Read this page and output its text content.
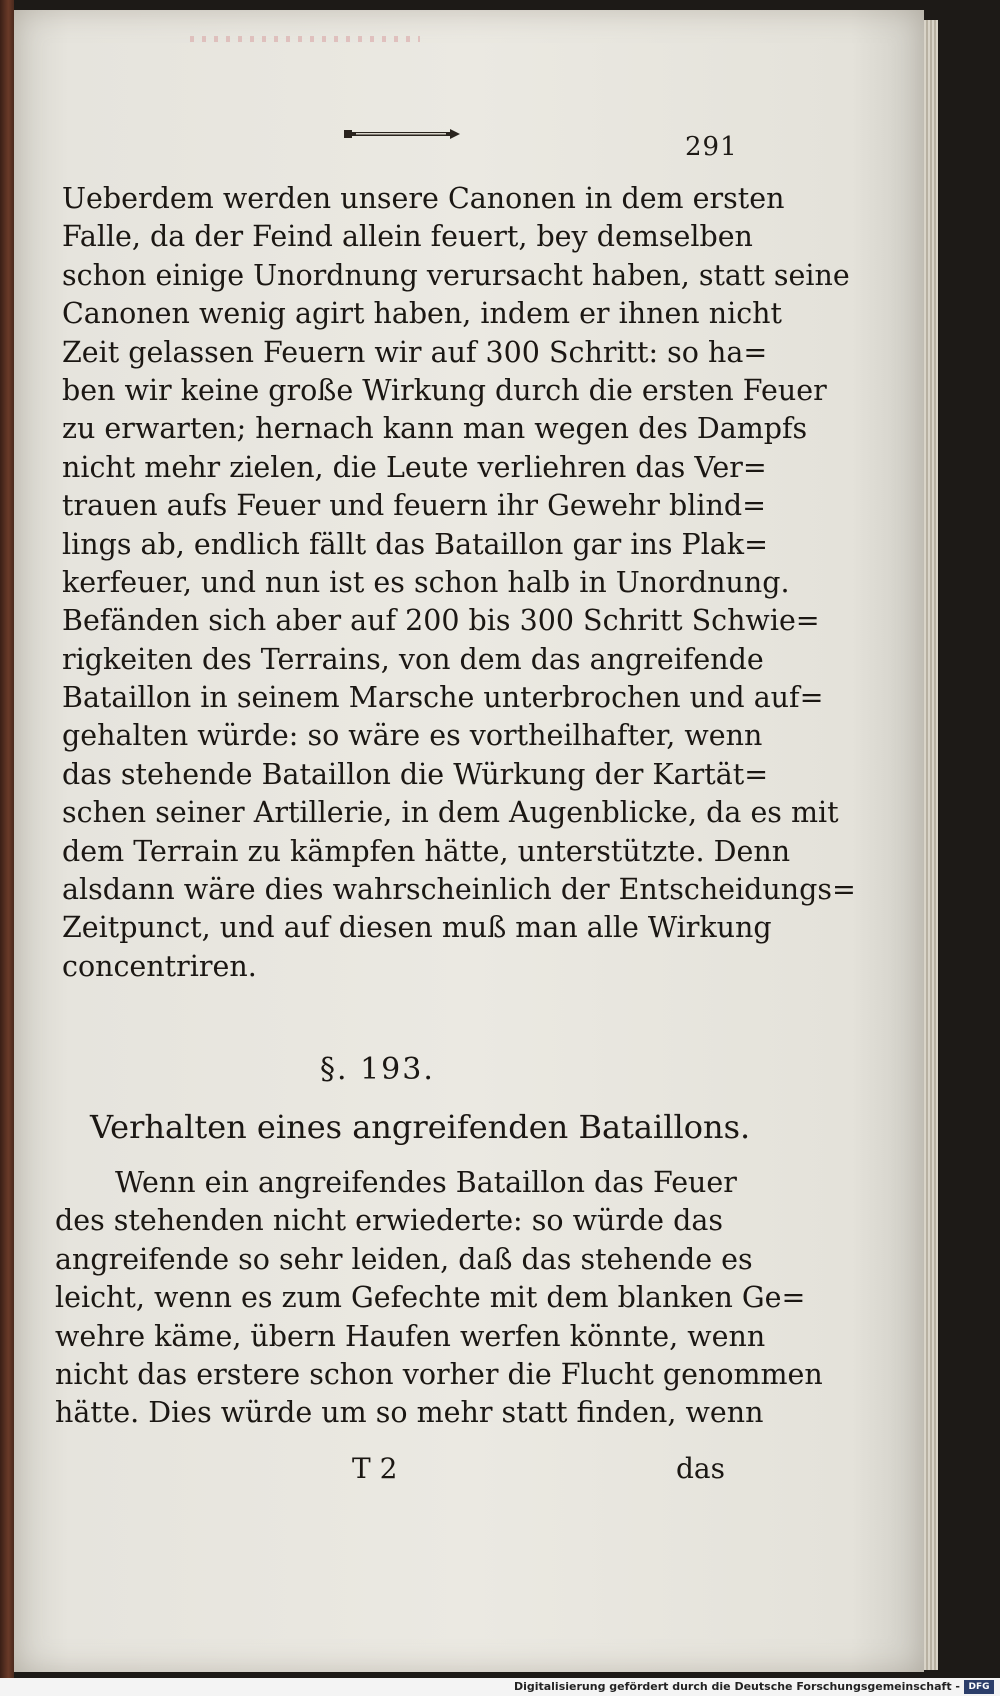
291
Ueberdem werden unsere Canonen in dem ersten
Falle, da der Feind allein feuert, bey demselben
schon einige Unordnung verursacht haben, statt seine
Canonen wenig agirt haben, indem er ihnen nicht
Zeit gelassen Feuern wir auf 300 Schritt: so ha=
ben wir keine große Wirkung durch die ersten Feuer
zu erwarten; hernach kann man wegen des Dampfs
nicht mehr zielen, die Leute verliehren das Ver=
trauen aufs Feuer und feuern ihr Gewehr blind=
lings ab, endlich fällt das Bataillon gar ins Plak=
kerfeuer, und nun ist es schon halb in Unordnung.
Befänden sich aber auf 200 bis 300 Schritt Schwie=
rigkeiten des Terrains, von dem das angreifende
Bataillon in seinem Marsche unterbrochen und auf=
gehalten würde: so wäre es vortheilhafter, wenn
das stehende Bataillon die Würkung der Kartät=
schen seiner Artillerie, in dem Augenblicke, da es mit
dem Terrain zu kämpfen hätte, unterstützte. Denn
alsdann wäre dies wahrscheinlich der Entscheidungs=
Zeitpunct, und auf diesen muß man alle Wirkung
concentriren.
§. 193.
Verhalten eines angreifenden Bataillons.
Wenn ein angreifendes Bataillon das Feuer
des stehenden nicht erwiederte: so würde das
angreifende so sehr leiden, daß das stehende es
leicht, wenn es zum Gefechte mit dem blanken Ge=
wehre käme, übern Haufen werfen könnte, wenn
nicht das erstere schon vorher die Flucht genommen
hätte. Dies würde um so mehr statt finden, wenn
T 2	das
Digitalisierung gefördert durch die Deutsche Forschungsgemeinschaft - DFG
